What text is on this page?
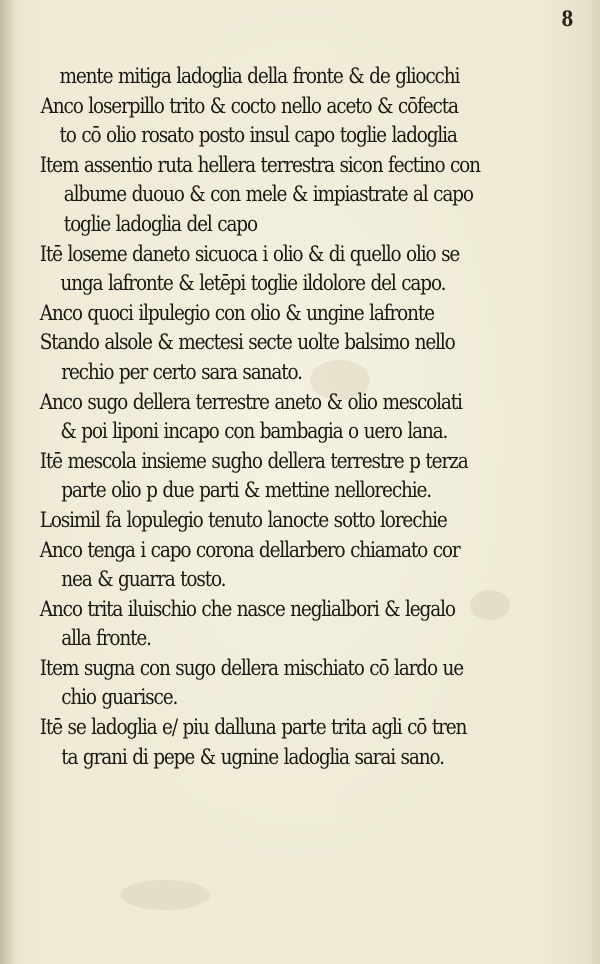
8
mente mitiga ladoglia della fronte & de gliocchi
Anco loserpillo trito & cocto nello aceto & cōfecta
to cō olio rosato posto insul capo toglie ladoglia
Item assentio ruta hellera terrestra sicon fectino con
albume duouo & con mele & impiastrate al capo
toglie ladoglia del capo
Itē loseme daneto sicuoca i olio & di quello olio se
unga lafronte & letēpi toglie ildolore del capo.
Anco quoci ilpulegio con olio & ungine lafronte
Stando alsole & mectesi secte uolte balsimo nello
rechio per certo sara sanato.
Anco sugo dellera terrestre aneto & olio mescolati
& poi liponi incapo con bambagia o uero lana.
Itē mescola insieme sugho dellera terrestre p terza
parte olio p due parti & mettine nellorechie.
Losimil fa lopulegio tenuto lanocte sotto lorechie
Anco tenga i capo corona dellarbero chiamato cor
nea & guarra tosto.
Anco trita iluischio che nasce neglialbori & legalo
alla fronte.
Item sugna con sugo dellera mischiato cō lardo ue
chio guarisce.
Itē se ladoglia e/ piu dalluna parte trita agli cō tren
ta grani di pepe & ugnine ladoglia sarai sano.
